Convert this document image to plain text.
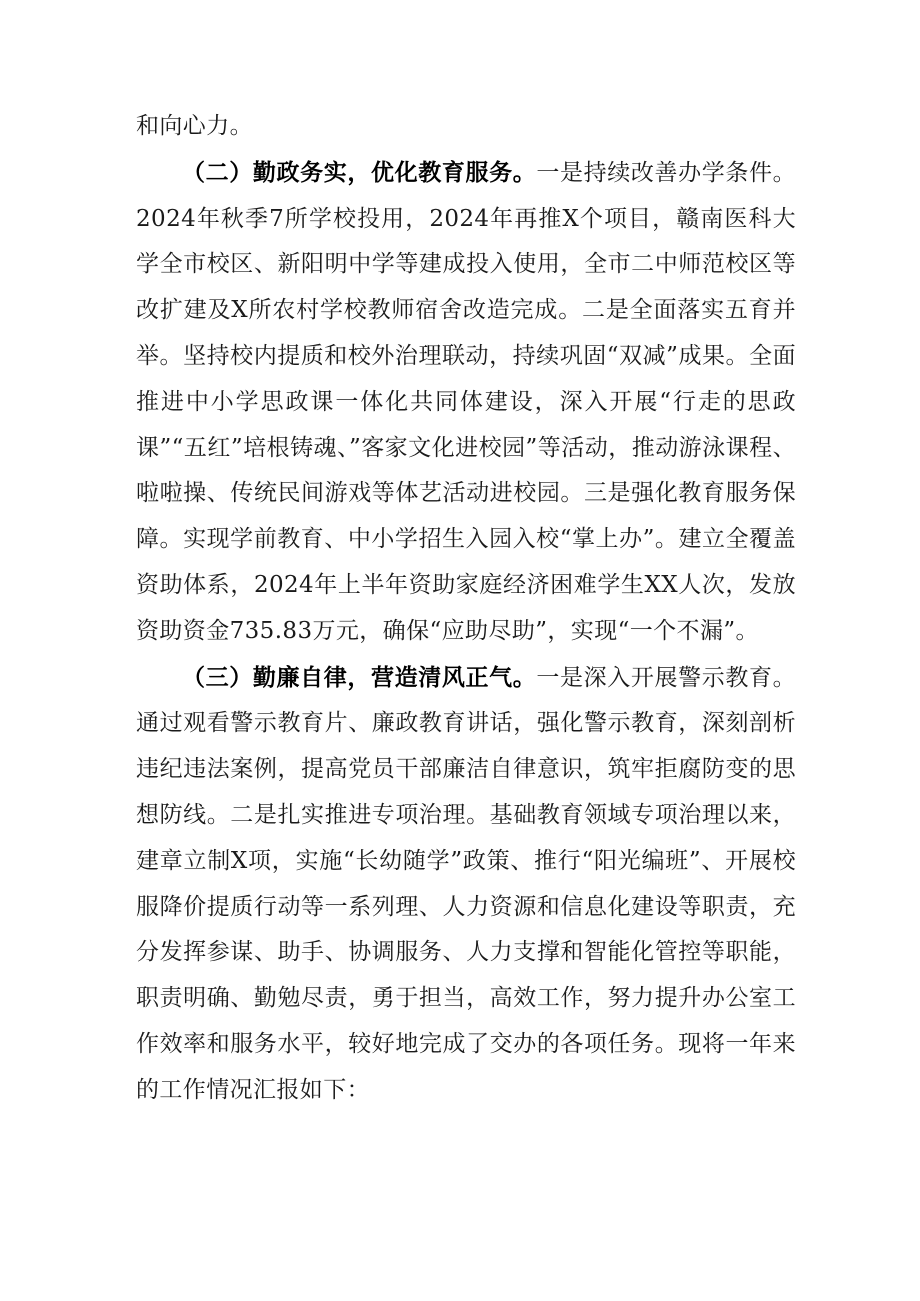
和向心力。

（二）勤政务实，优化教育服务。一是持续改善办学条件。2024年秋季7所学校投用，2024年再推X个项目，赣南医科大学全市校区、新阳明中学等建成投入使用，全市二中师范校区等改扩建及X所农村学校教师宿舍改造完成。二是全面落实五育并举。坚持校内提质和校外治理联动，持续巩固“双减”成果。全面推进中小学思政课一体化共同体建设，深入开展“行走的思政课”“五红”培根铸魂、”客家文化进校园”等活动，推动游泳课程、啦啦操、传统民间游戏等体艺活动进校园。三是强化教育服务保障。实现学前教育、中小学招生入园入校“掌上办”。建立全覆盖资助体系，2024年上半年资助家庭经济困难学生XX人次，发放资助资金735.83万元，确保“应助尽助”，实现“一个不漏”。

（三）勤廉自律，营造清风正气。一是深入开展警示教育。通过观看警示教育片、廉政教育讲话，强化警示教育，深刻剖析违纪违法案例，提高党员干部廉洁自律意识，筑牢拒腐防变的思想防线。二是扎实推进专项治理。基础教育领域专项治理以来，建章立制X项，实施“长幼随学”政策、推行“阳光编班”、开展校服降价提质行动等一系列理、人力资源和信息化建设等职责，充分发挥参谋、助手、协调服务、人力支撑和智能化管控等职能，职责明确、勤勉尽责，勇于担当，高效工作，努力提升办公室工作效率和服务水平，较好地完成了交办的各项任务。现将一年来的工作情况汇报如下：
